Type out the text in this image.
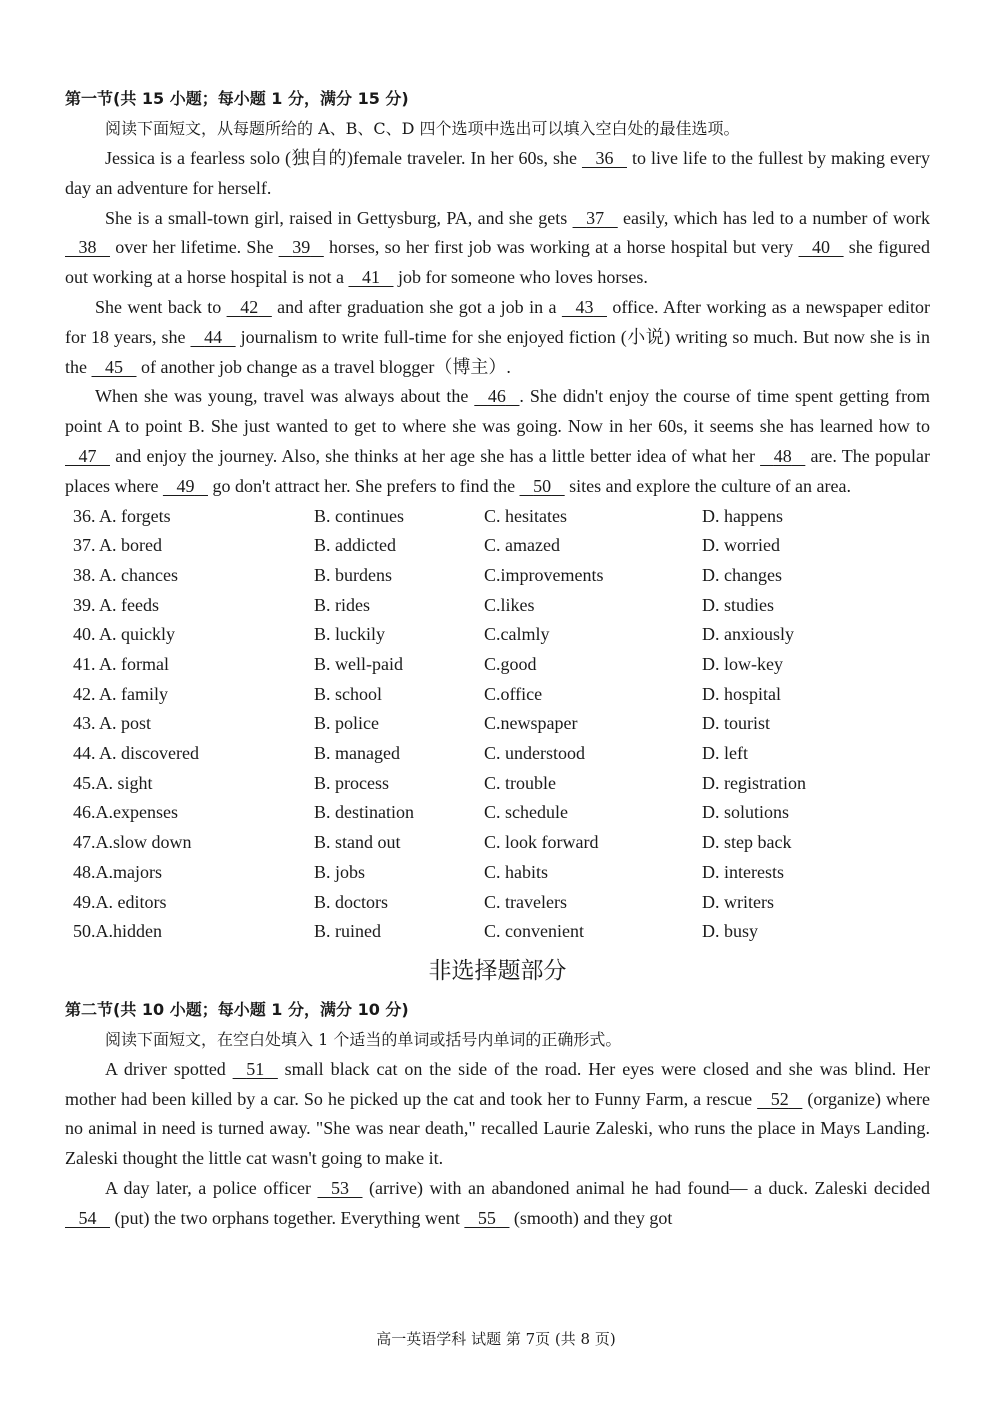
第一节(共 15 小题；每小题 1 分，满分 15 分)
阅读下面短文，从每题所给的 A、B、C、D 四个选项中选出可以填入空白处的最佳选项。

Jessica is a fearless solo (独自的)female traveler. In her 60s, she 36 to live life to the fullest by making every day an adventure for herself.

She is a small-town girl, raised in Gettysburg, PA, and she gets 37 easily, which has led to a number of work 38 over her lifetime. She 39 horses, so her first job was working at a horse hospital but very 40 she figured out working at a horse hospital is not a 41 job for someone who loves horses.

She went back to 42 and after graduation she got a job in a 43 office. After working as a newspaper editor for 18 years, she 44 journalism to write full-time for she enjoyed fiction (小说) writing so much. But now she is in the 45 of another job change as a travel blogger（博主）.

When she was young, travel was always about the 46 . She didn't enjoy the course of time spent getting from point A to point B. She just wanted to get to where she was going. Now in her 60s, it seems she has learned how to 47 and enjoy the journey. Also, she thinks at her age she has a little better idea of what her 48 are. The popular places where 49 go don't attract her. She prefers to find the 50 sites and explore the culture of an area.

36. A. forgets	B. continues	C. hesitates	D. happens
37. A. bored	B. addicted	C. amazed	D. worried
38. A. chances	B. burdens	C.improvements	D. changes
39. A. feeds	B. rides	C.likes	D. studies
40. A. quickly	B. luckily	C.calmly	D. anxiously
41. A. formal	B. well-paid	C.good	D. low-key
42. A. family	B. school	C.office	D. hospital
43. A. post	B. police	C.newspaper	D. tourist
44. A. discovered	B. managed	C. understood	D. left
45.A. sight	B. process	C. trouble	D. registration
46.A.expenses	B. destination	C. schedule	D. solutions
47.A.slow down	B. stand out	C. look forward	D. step back
48.A.majors	B. jobs	C. habits	D. interests
49.A. editors	B. doctors	C. travelers	D. writers
50.A.hidden	B. ruined	C. convenient	D. busy
非选择题部分
第二节(共 10 小题；每小题 1 分，满分 10 分)
阅读下面短文，在空白处填入 1 个适当的单词或括号内单词的正确形式。

A driver spotted 51 small black cat on the side of the road. Her eyes were closed and she was blind. Her mother had been killed by a car. So he picked up the cat and took her to Funny Farm, a rescue 52 (organize) where no animal in need is turned away. "She was near death," recalled Laurie Zaleski, who runs the place in Mays Landing. Zaleski thought the little cat wasn't going to make it.

A day later, a police officer 53 (arrive) with an abandoned animal he had found— a duck. Zaleski decided 54 (put) the two orphans together. Everything went 55 (smooth) and they got

高一英语学科 试题 第 7页 (共 8 页)
